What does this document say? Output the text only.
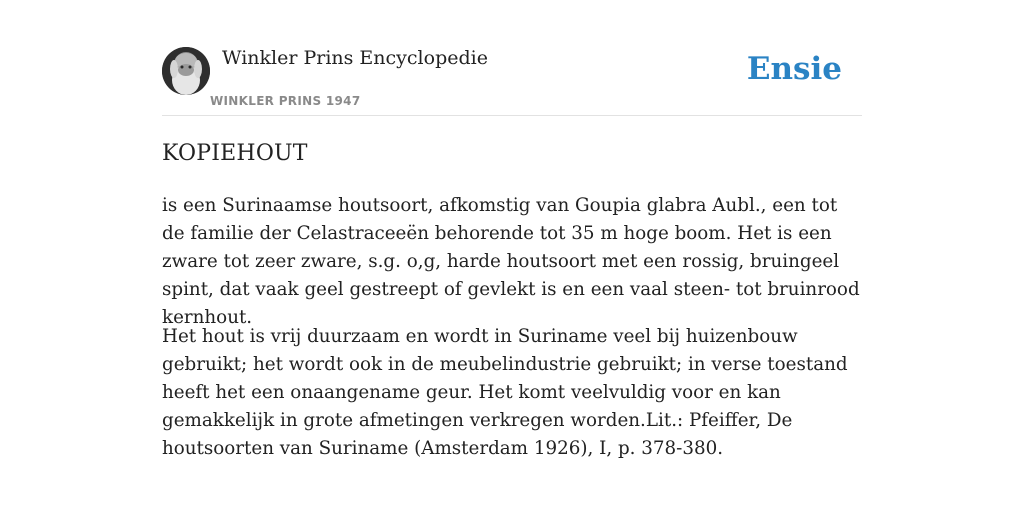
Winkler Prins Encyclopedie
WINKLER PRINS 1947
Ensie
KOPIEHOUT

is een Surinaamse houtsoort, afkomstig van Goupia glabra Aubl., een tot de familie der Celastraceeën behorende tot 35 m hoge boom. Het is een zware tot zeer zware, s.g. o,g, harde houtsoort met een rossig, bruingeel spint, dat vaak geel gestreept of gevlekt is en een vaal steen- tot bruinrood kernhout.

Het hout is vrij duurzaam en wordt in Suriname veel bij huizenbouw gebruikt; het wordt ook in de meubelindustrie gebruikt; in verse toestand heeft het een onaangename geur. Het komt veelvuldig voor en kan gemakkelijk in grote afmetingen verkregen worden.Lit.: Pfeiffer, De houtsoorten van Suriname (Amsterdam 1926), I, p. 378-380.
